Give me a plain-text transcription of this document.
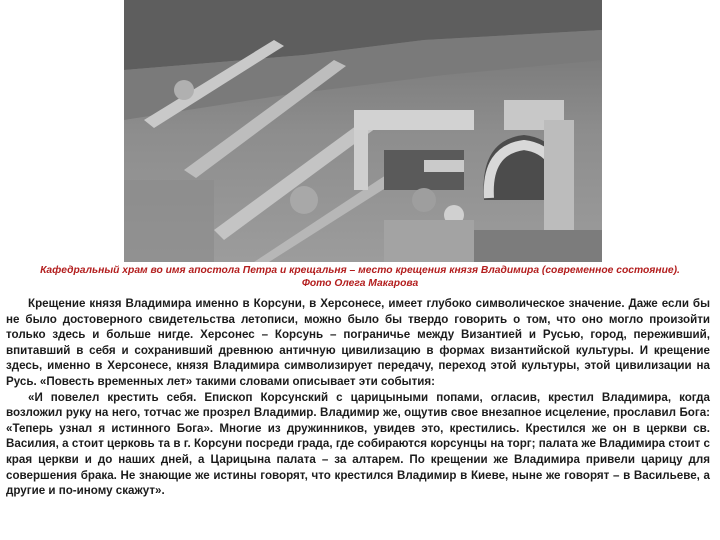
Кафедральный храм во имя апостола Петра и крещальня – место крещения князя Владимира (современное состояние). Фото Олега Макарова

Крещение князя Владимира именно в Корсуни, в Херсонесе, имеет глубоко символическое значение. Даже если бы не было достоверного свидетельства летописи, можно было бы твердо говорить о том, что оно могло произойти только здесь и больше нигде. Херсонес – Корсунь – пограничье между Византией и Русью, город, переживший, впитавший в себя и сохранивший древнюю античную цивилизацию в формах византийской культуры. И крещение здесь, именно в Херсонесе, князя Владимира символизирует передачу, переход этой культуры, этой цивилизации на Русь. «Повесть временных лет» такими словами описывает эти события:

«И повелел крестить себя. Епископ Корсунский с царицыными попами, огласив, крестил Владимира, когда возложил руку на него, тотчас же прозрел Владимир. Владимир же, ощутив свое внезапное исцеление, прославил Бога: «Теперь узнал я истинного Бога». Многие из дружинников, увидев это, крестились. Крестился же он в церкви св. Василия, а стоит церковь та в г. Корсуни посреди града, где собираются корсунцы на торг; палата же Владимира стоит с края церкви и до наших дней, а Царицына палата – за алтарем. По крещении же Владимира привели царицу для совершения брака. Не знающие же истины говорят, что крестился Владимир в Киеве, ныне же говорят – в Васильеве, а другие и по-иному скажут».
